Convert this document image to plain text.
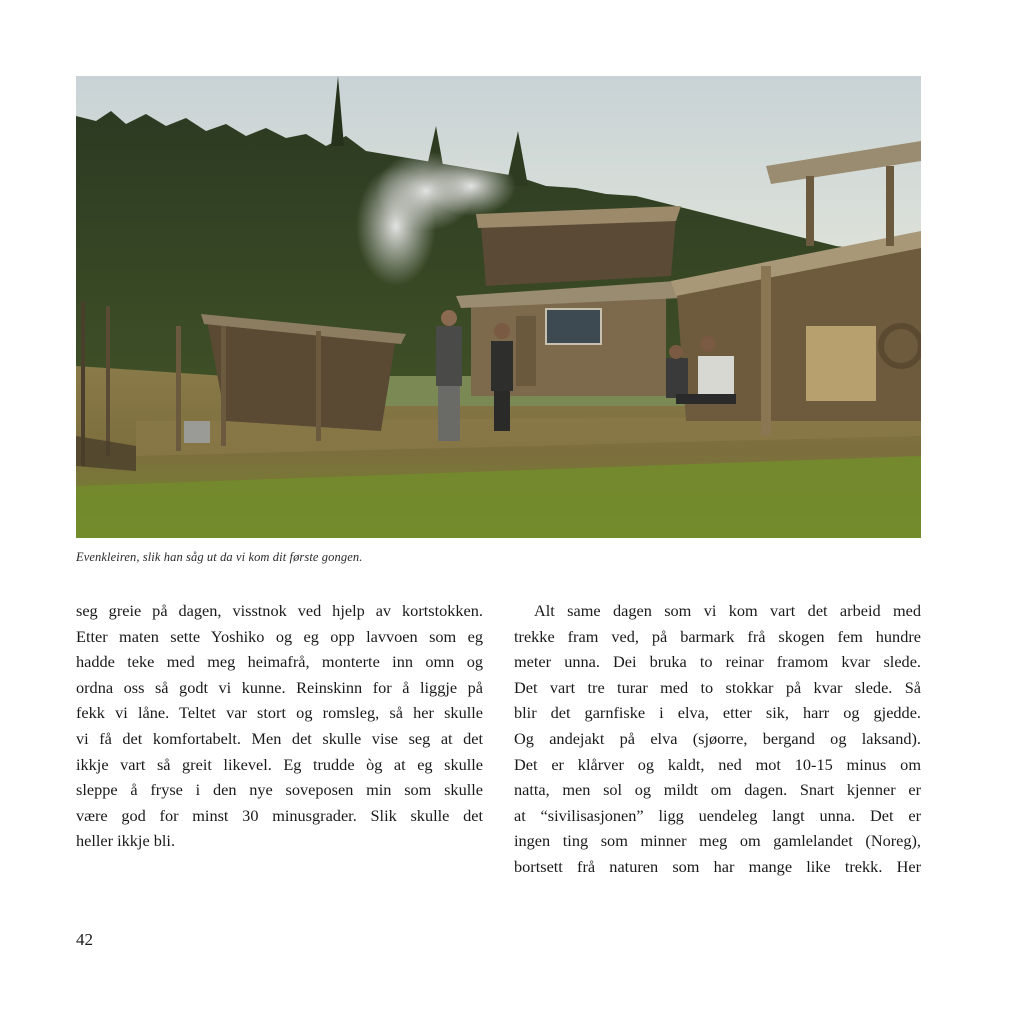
Evenkleiren, slik han såg ut da vi kom dit første gongen.
seg greie på dagen, visstnok ved hjelp av kortstokken.
Etter maten sette Yoshiko og eg opp lavvoen som eg
hadde teke med meg heimafrå, monterte inn omn og
ordna oss så godt vi kunne. Reinskinn for å liggje på
fekk vi låne. Teltet var stort og romsleg, så her skulle
vi få det komfortabelt. Men det skulle vise seg at det
ikkje vart så greit likevel. Eg trudde òg at eg skulle
sleppe å fryse i den nye soveposen min som skulle
være god for minst 30 minusgrader. Slik skulle det
heller ikkje bli.
Alt same dagen som vi kom vart det arbeid med
trekke fram ved, på barmark frå skogen fem hundre
meter unna. Dei bruka to reinar framom kvar slede.
Det vart tre turar med to stokkar på kvar slede. Så
blir det garnfiske i elva, etter sik, harr og gjedde.
Og andejakt på elva (sjøorre, bergand og laksand).
Det er klårver og kaldt, ned mot 10-15 minus om
natta, men sol og mildt om dagen. Snart kjenner er
at “sivilisasjonen” ligg uendeleg langt unna. Det er
ingen ting som minner meg om gamlelandet (Noreg),
bortsett frå naturen som har mange like trekk. Her
42
